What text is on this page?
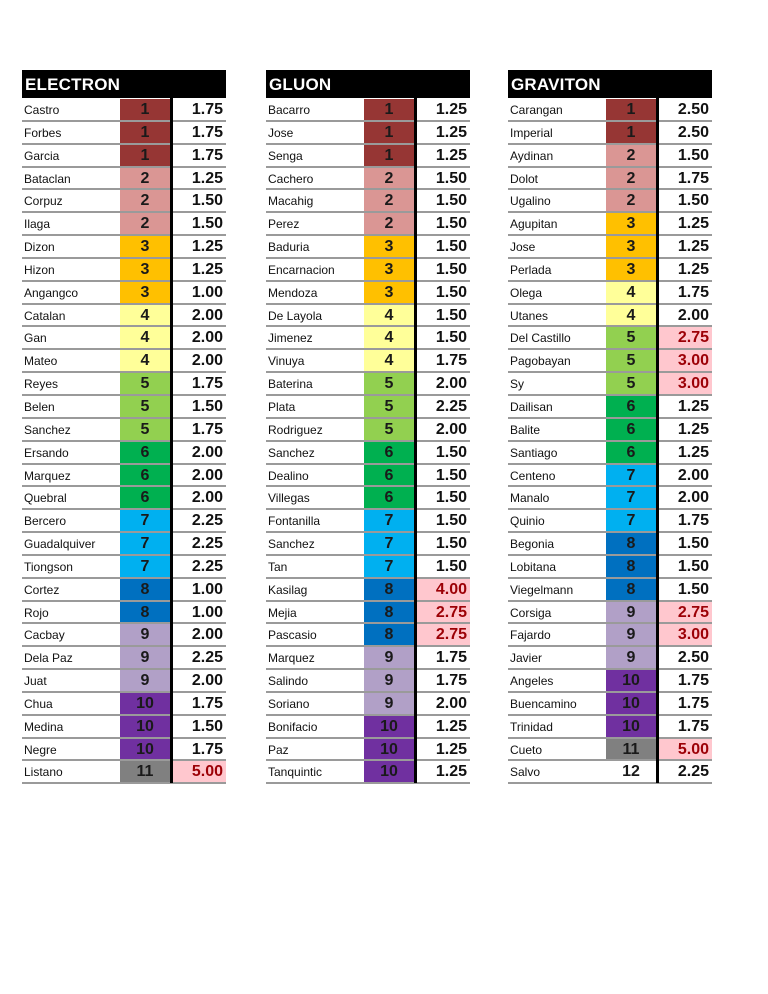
ELECTRON
Castro	1	1.75
Forbes	1	1.75
Garcia	1	1.75
Bataclan	2	1.25
Corpuz	2	1.50
Ilaga	2	1.50
Dizon	3	1.25
Hizon	3	1.25
Angangco	3	1.00
Catalan	4	2.00
Gan	4	2.00
Mateo	4	2.00
Reyes	5	1.75
Belen	5	1.50
Sanchez	5	1.75
Ersando	6	2.00
Marquez	6	2.00
Quebral	6	2.00
Bercero	7	2.25
Guadalquiver	7	2.25
Tiongson	7	2.25
Cortez	8	1.00
Rojo	8	1.00
Cacbay	9	2.00
Dela Paz	9	2.25
Juat	9	2.00
Chua	10	1.75
Medina	10	1.50
Negre	10	1.75
Listano	11	5.00
GLUON
Bacarro	1	1.25
Jose	1	1.25
Senga	1	1.25
Cachero	2	1.50
Macahig	2	1.50
Perez	2	1.50
Baduria	3	1.50
Encarnacion	3	1.50
Mendoza	3	1.50
De Layola	4	1.50
Jimenez	4	1.50
Vinuya	4	1.75
Baterina	5	2.00
Plata	5	2.25
Rodriguez	5	2.00
Sanchez	6	1.50
Dealino	6	1.50
Villegas	6	1.50
Fontanilla	7	1.50
Sanchez	7	1.50
Tan	7	1.50
Kasilag	8	4.00
Mejia	8	2.75
Pascasio	8	2.75
Marquez	9	1.75
Salindo	9	1.75
Soriano	9	2.00
Bonifacio	10	1.25
Paz	10	1.25
Tanquintic	10	1.25
GRAVITON
Carangan	1	2.50
Imperial	1	2.50
Aydinan	2	1.50
Dolot	2	1.75
Ugalino	2	1.50
Agupitan	3	1.25
Jose	3	1.25
Perlada	3	1.25
Olega	4	1.75
Utanes	4	2.00
Del Castillo	5	2.75
Pagobayan	5	3.00
Sy	5	3.00
Dailisan	6	1.25
Balite	6	1.25
Santiago	6	1.25
Centeno	7	2.00
Manalo	7	2.00
Quinio	7	1.75
Begonia	8	1.50
Lobitana	8	1.50
Viegelmann	8	1.50
Corsiga	9	2.75
Fajardo	9	3.00
Javier	9	2.50
Angeles	10	1.75
Buencamino	10	1.75
Trinidad	10	1.75
Cueto	11	5.00
Salvo	12	2.25
